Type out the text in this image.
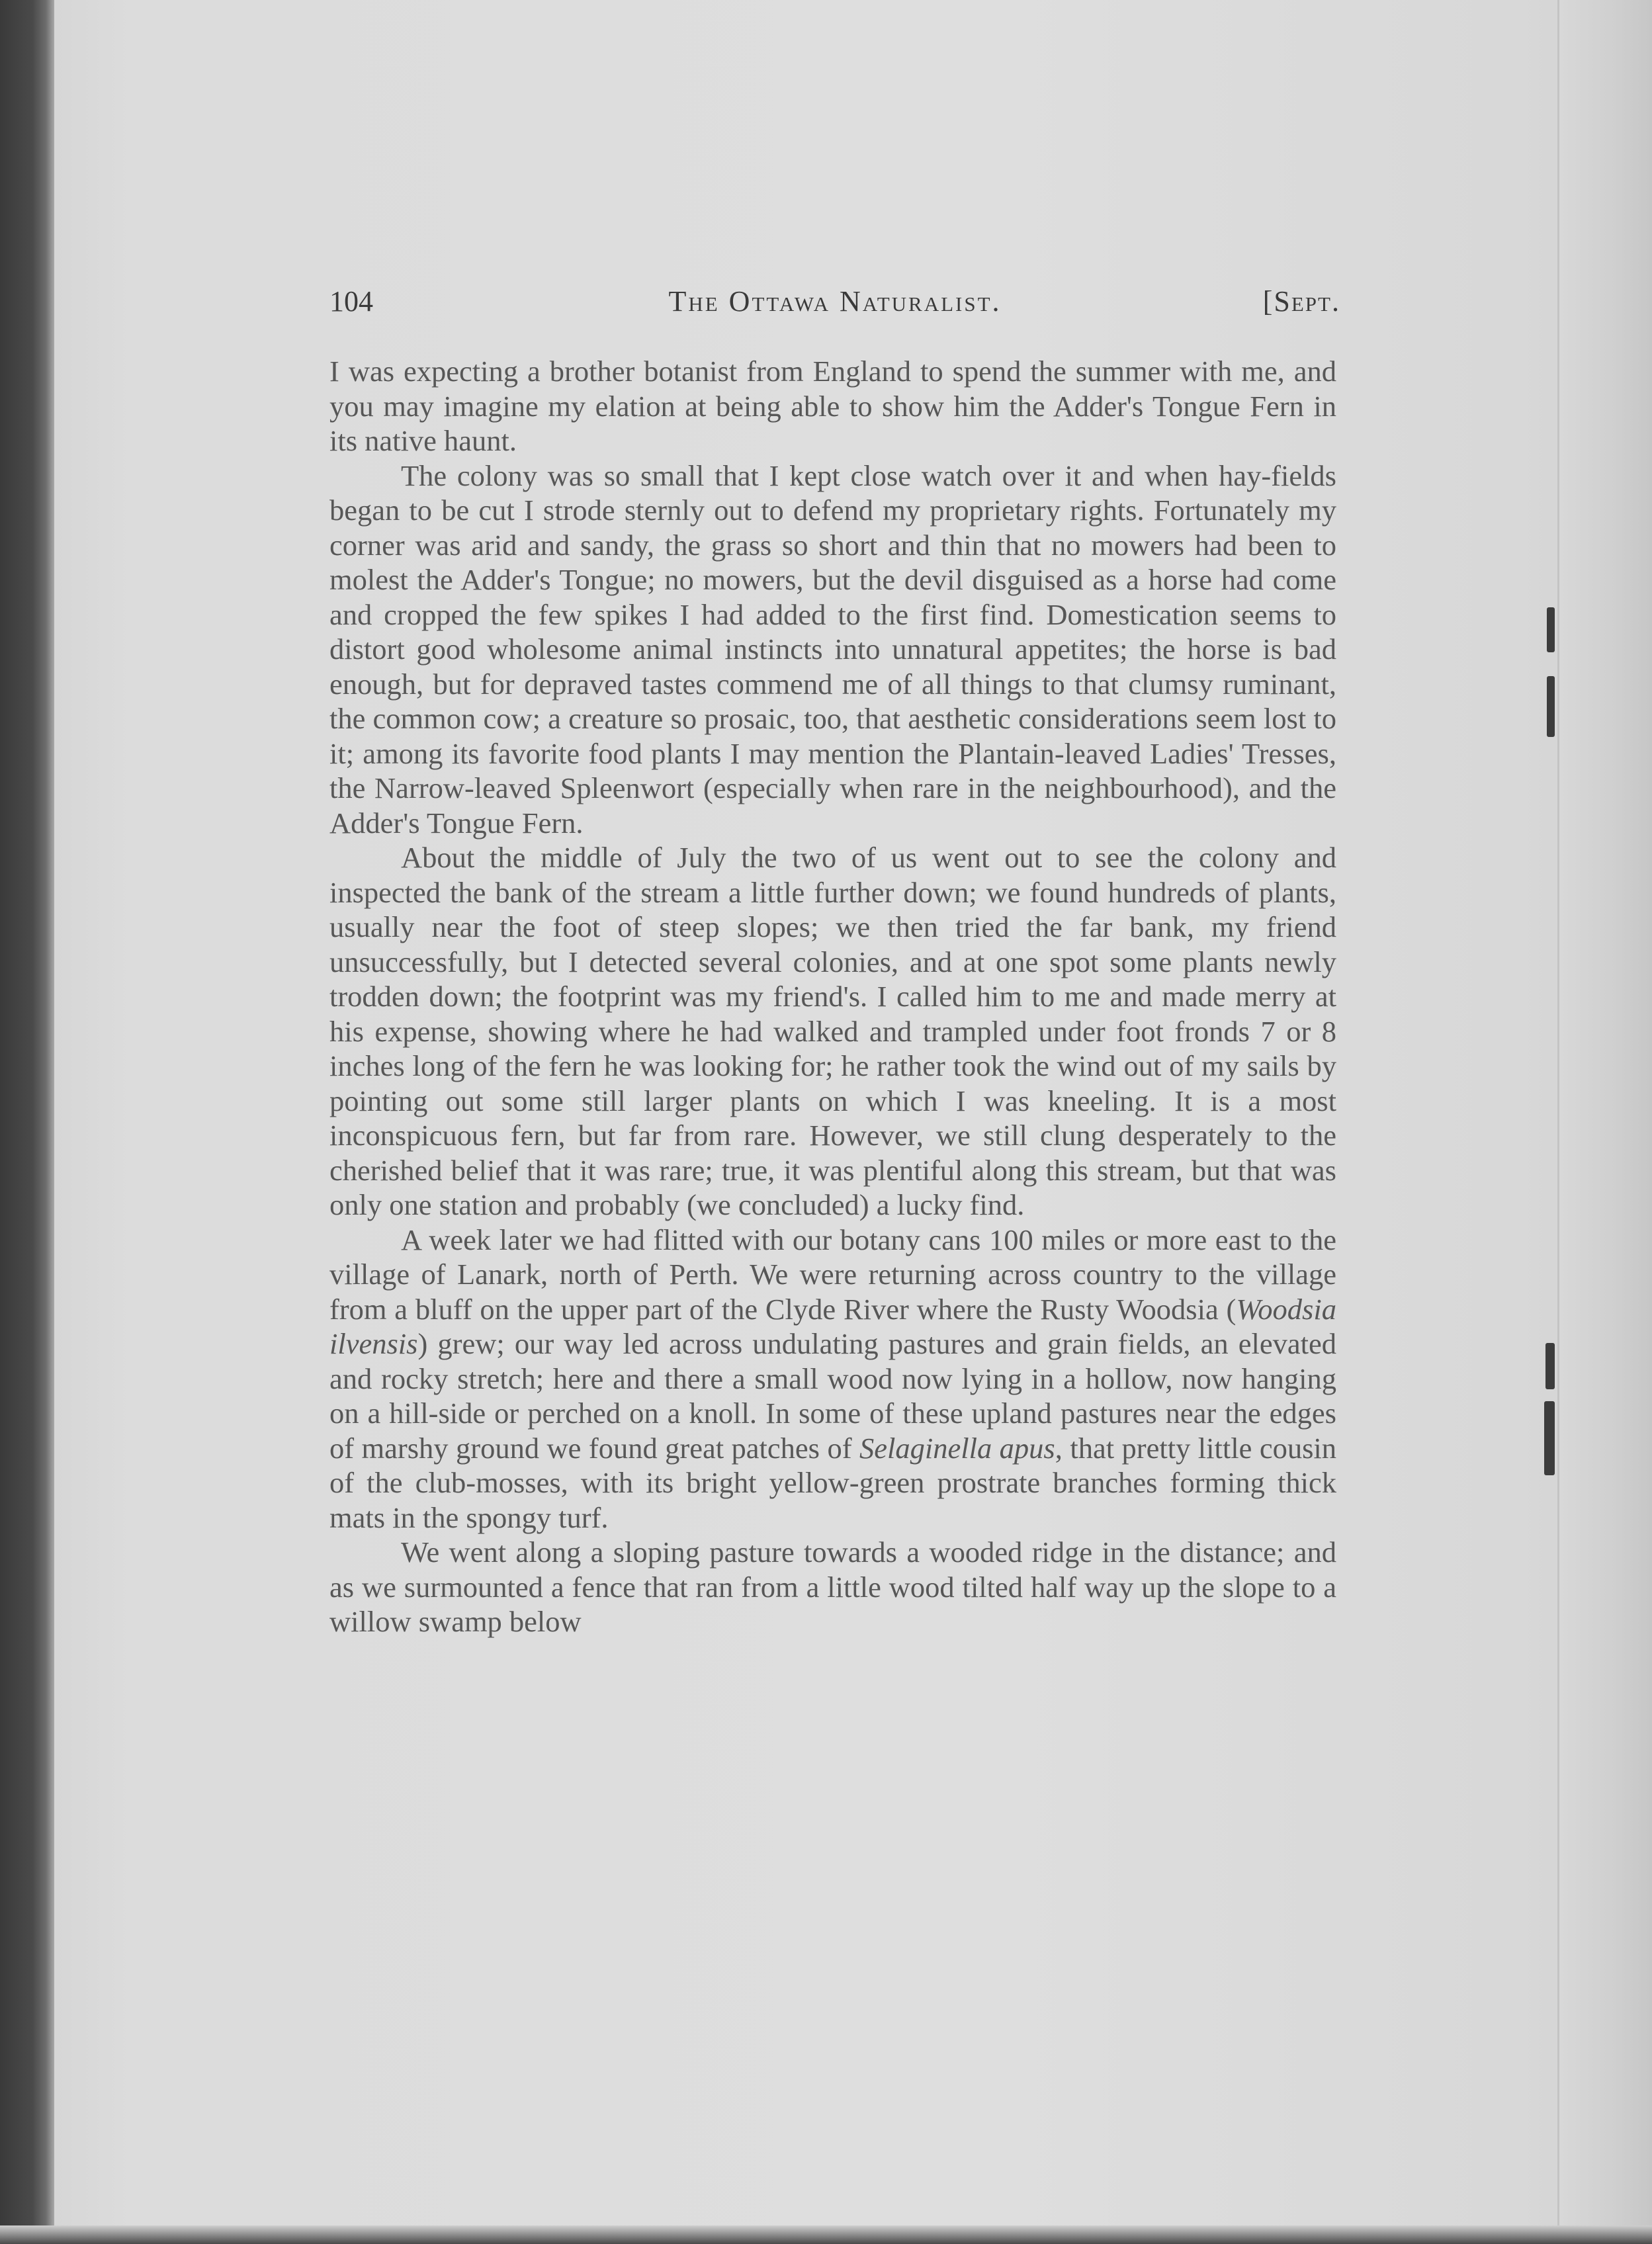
104	The Ottawa Naturalist.	[Sept.

I was expecting a brother botanist from England to spend the summer with me, and you may imagine my elation at being able to show him the Adder's Tongue Fern in its native haunt.

The colony was so small that I kept close watch over it and when hay-fields began to be cut I strode sternly out to defend my proprietary rights. Fortunately my corner was arid and sandy, the grass so short and thin that no mowers had been to molest the Adder's Tongue; no mowers, but the devil disguised as a horse had come and cropped the few spikes I had added to the first find. Domestication seems to distort good wholesome animal instincts into unnatural appetites; the horse is bad enough, but for depraved tastes commend me of all things to that clumsy ruminant, the common cow; a creature so prosaic, too, that aesthetic considerations seem lost to it; among its favorite food plants I may mention the Plantain-leaved Ladies' Tresses, the Narrow-leaved Spleenwort (especially when rare in the neighbourhood), and the Adder's Tongue Fern.

About the middle of July the two of us went out to see the colony and inspected the bank of the stream a little further down; we found hundreds of plants, usually near the foot of steep slopes; we then tried the far bank, my friend unsuccessfully, but I detected several colonies, and at one spot some plants newly trodden down; the footprint was my friend's. I called him to me and made merry at his expense, showing where he had walked and trampled under foot fronds 7 or 8 inches long of the fern he was looking for; he rather took the wind out of my sails by pointing out some still larger plants on which I was kneeling. It is a most inconspicuous fern, but far from rare. However, we still clung desperately to the cherished belief that it was rare; true, it was plentiful along this stream, but that was only one station and probably (we concluded) a lucky find.

A week later we had flitted with our botany cans 100 miles or more east to the village of Lanark, north of Perth. We were returning across country to the village from a bluff on the upper part of the Clyde River where the Rusty Woodsia (Woodsia ilvensis) grew; our way led across undulating pastures and grain fields, an elevated and rocky stretch; here and there a small wood now lying in a hollow, now hanging on a hill-side or perched on a knoll. In some of these upland pastures near the edges of marshy ground we found great patches of Selaginella apus, that pretty little cousin of the club-mosses, with its bright yellow-green prostrate branches forming thick mats in the spongy turf.

We went along a sloping pasture towards a wooded ridge in the distance; and as we surmounted a fence that ran from a little wood tilted half way up the slope to a willow swamp below
